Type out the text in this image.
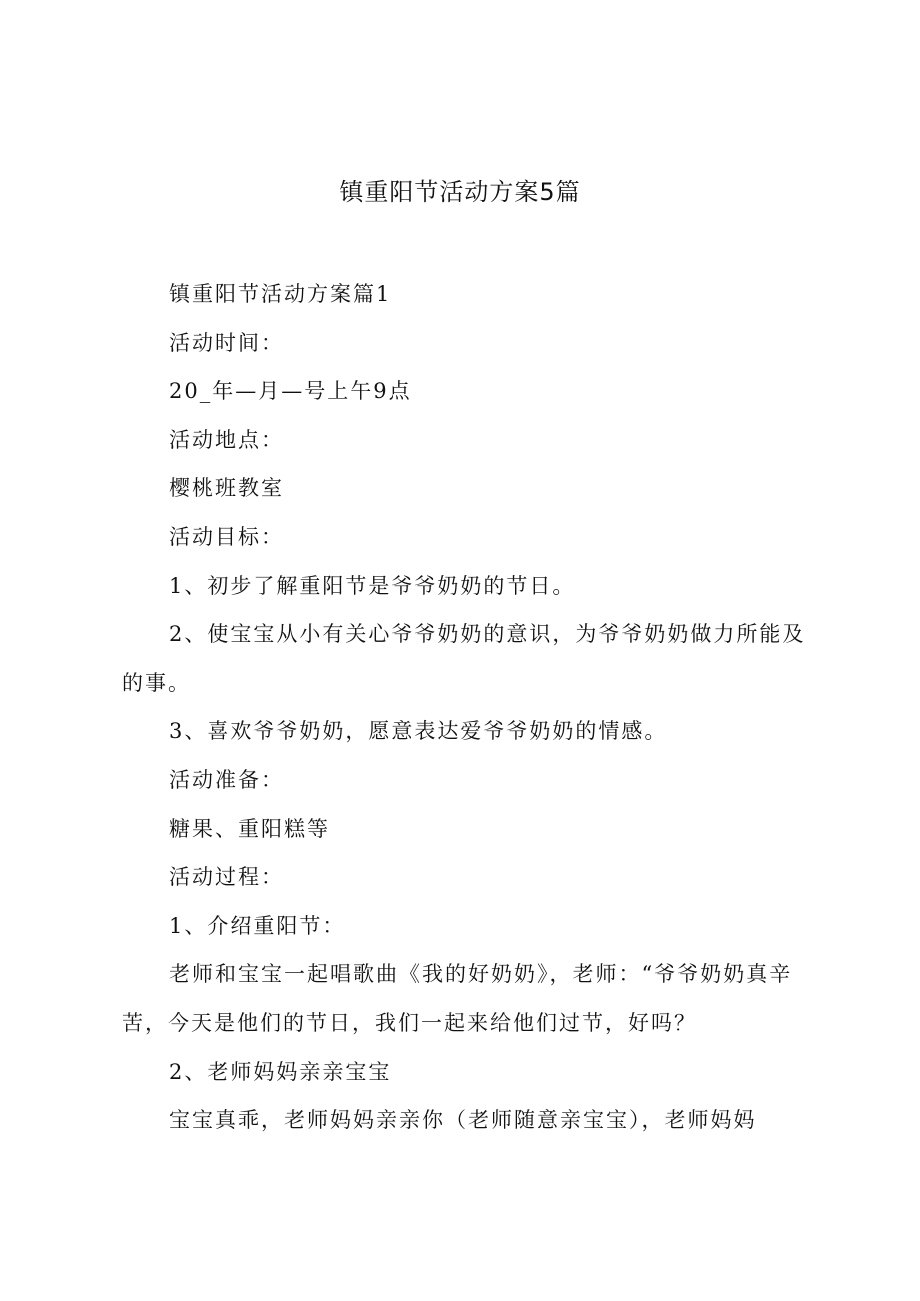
镇重阳节活动方案5篇

镇重阳节活动方案篇1

活动时间：

20_年—月—号上午9点

活动地点：

樱桃班教室

活动目标：

1、初步了解重阳节是爷爷奶奶的节日。

2、使宝宝从小有关心爷爷奶奶的意识，为爷爷奶奶做力所能及的事。

3、喜欢爷爷奶奶，愿意表达爱爷爷奶奶的情感。

活动准备：

糖果、重阳糕等

活动过程：

1、介绍重阳节：

老师和宝宝一起唱歌曲《我的好奶奶》，老师：“爷爷奶奶真辛苦，今天是他们的节日，我们一起来给他们过节，好吗？

2、老师妈妈亲亲宝宝

宝宝真乖，老师妈妈亲亲你（老师随意亲宝宝），老师妈妈
